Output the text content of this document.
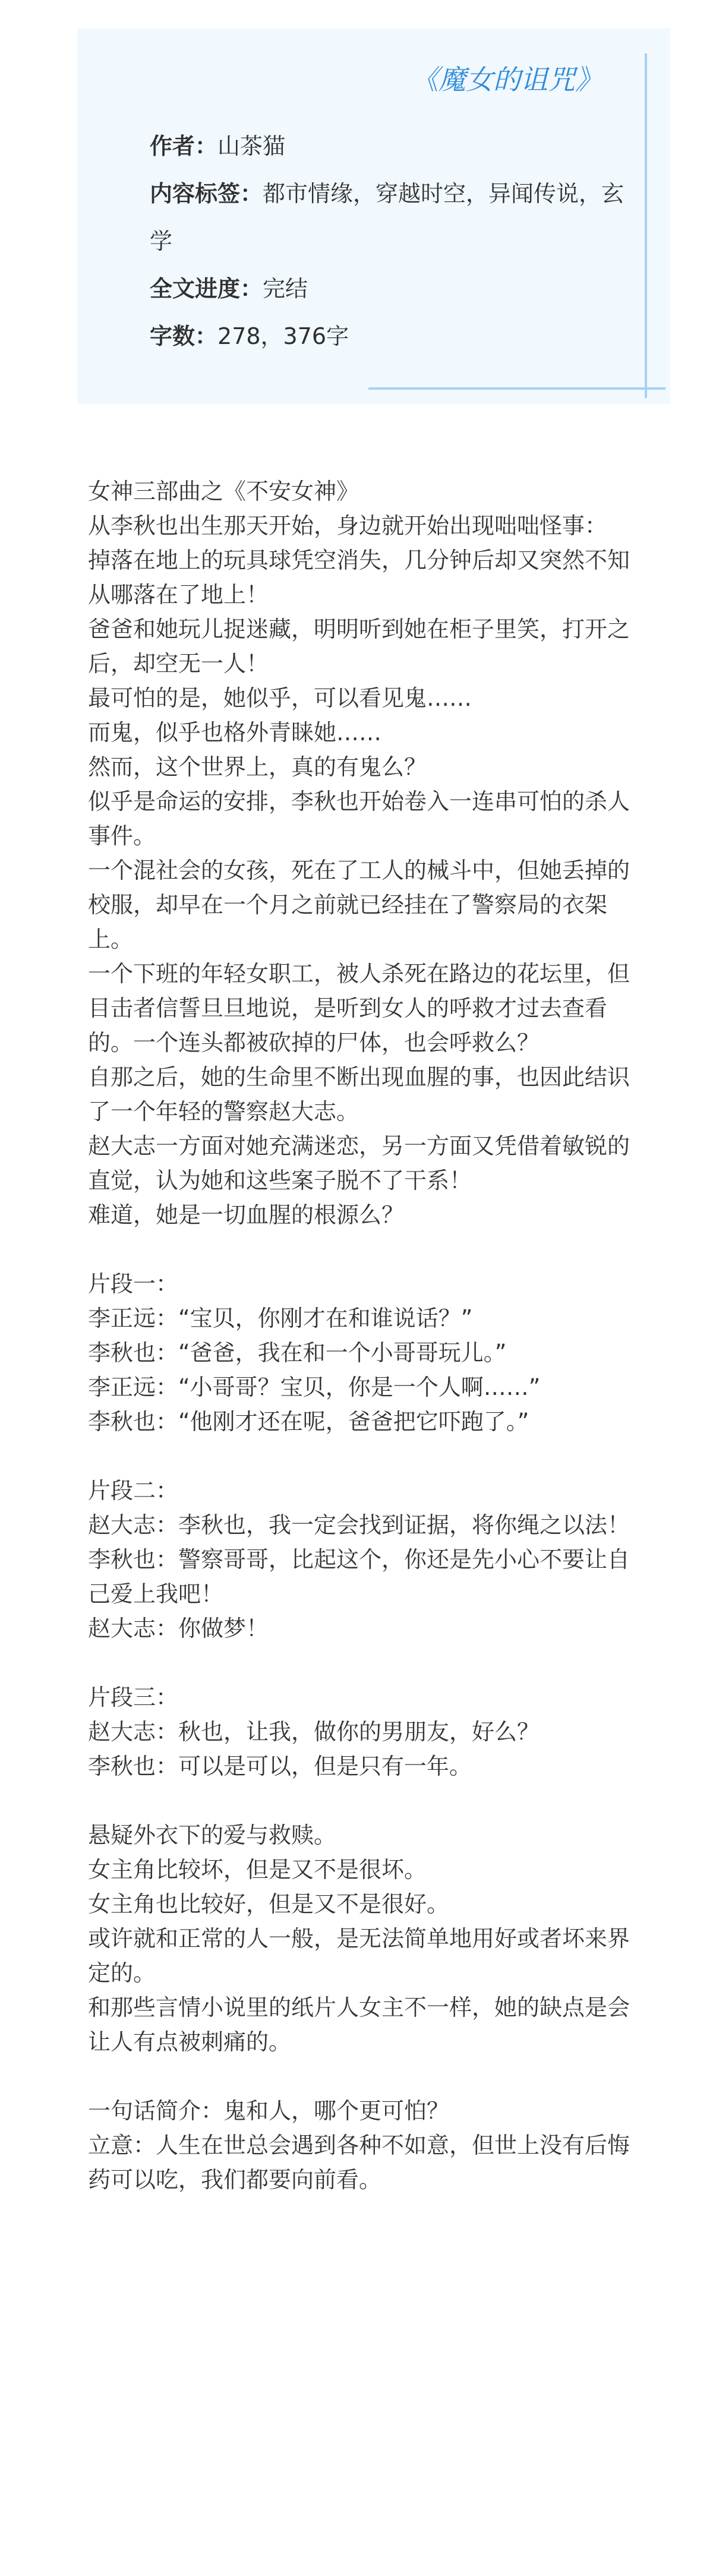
《魔女的诅咒》

作者：山茶猫

内容标签：都市情缘，穿越时空，异闻传说，玄学

全文进度：完结

字数：278，376字

女神三部曲之《不安女神》

从李秋也出生那天开始，身边就开始出现咄咄怪事：

掉落在地上的玩具球凭空消失，几分钟后却又突然不知从哪落在了地上！

爸爸和她玩儿捉迷藏，明明听到她在柜子里笑，打开之后，却空无一人！

最可怕的是，她似乎，可以看见鬼……

而鬼，似乎也格外青睐她……

然而，这个世界上，真的有鬼么？

似乎是命运的安排，李秋也开始卷入一连串可怕的杀人事件。

一个混社会的女孩，死在了工人的械斗中，但她丢掉的校服，却早在一个月之前就已经挂在了警察局的衣架上。

一个下班的年轻女职工，被人杀死在路边的花坛里，但目击者信誓旦旦地说，是听到女人的呼救才过去查看的。一个连头都被砍掉的尸体，也会呼救么？

自那之后，她的生命里不断出现血腥的事，也因此结识了一个年轻的警察赵大志。

赵大志一方面对她充满迷恋，另一方面又凭借着敏锐的直觉，认为她和这些案子脱不了干系！

难道，她是一切血腥的根源么？

片段一：

李正远：“宝贝，你刚才在和谁说话？”

李秋也：“爸爸，我在和一个小哥哥玩儿。”

李正远：“小哥哥？宝贝，你是一个人啊……”

李秋也：“他刚才还在呢，爸爸把它吓跑了。”

片段二：

赵大志：李秋也，我一定会找到证据，将你绳之以法！

李秋也：警察哥哥，比起这个，你还是先小心不要让自己爱上我吧！

赵大志：你做梦！

片段三：

赵大志：秋也，让我，做你的男朋友，好么？

李秋也：可以是可以，但是只有一年。

悬疑外衣下的爱与救赎。

女主角比较坏，但是又不是很坏。

女主角也比较好，但是又不是很好。

或许就和正常的人一般，是无法简单地用好或者坏来界定的。

和那些言情小说里的纸片人女主不一样，她的缺点是会让人有点被刺痛的。

一句话简介：鬼和人，哪个更可怕？

立意：人生在世总会遇到各种不如意，但世上没有后悔药可以吃，我们都要向前看。
